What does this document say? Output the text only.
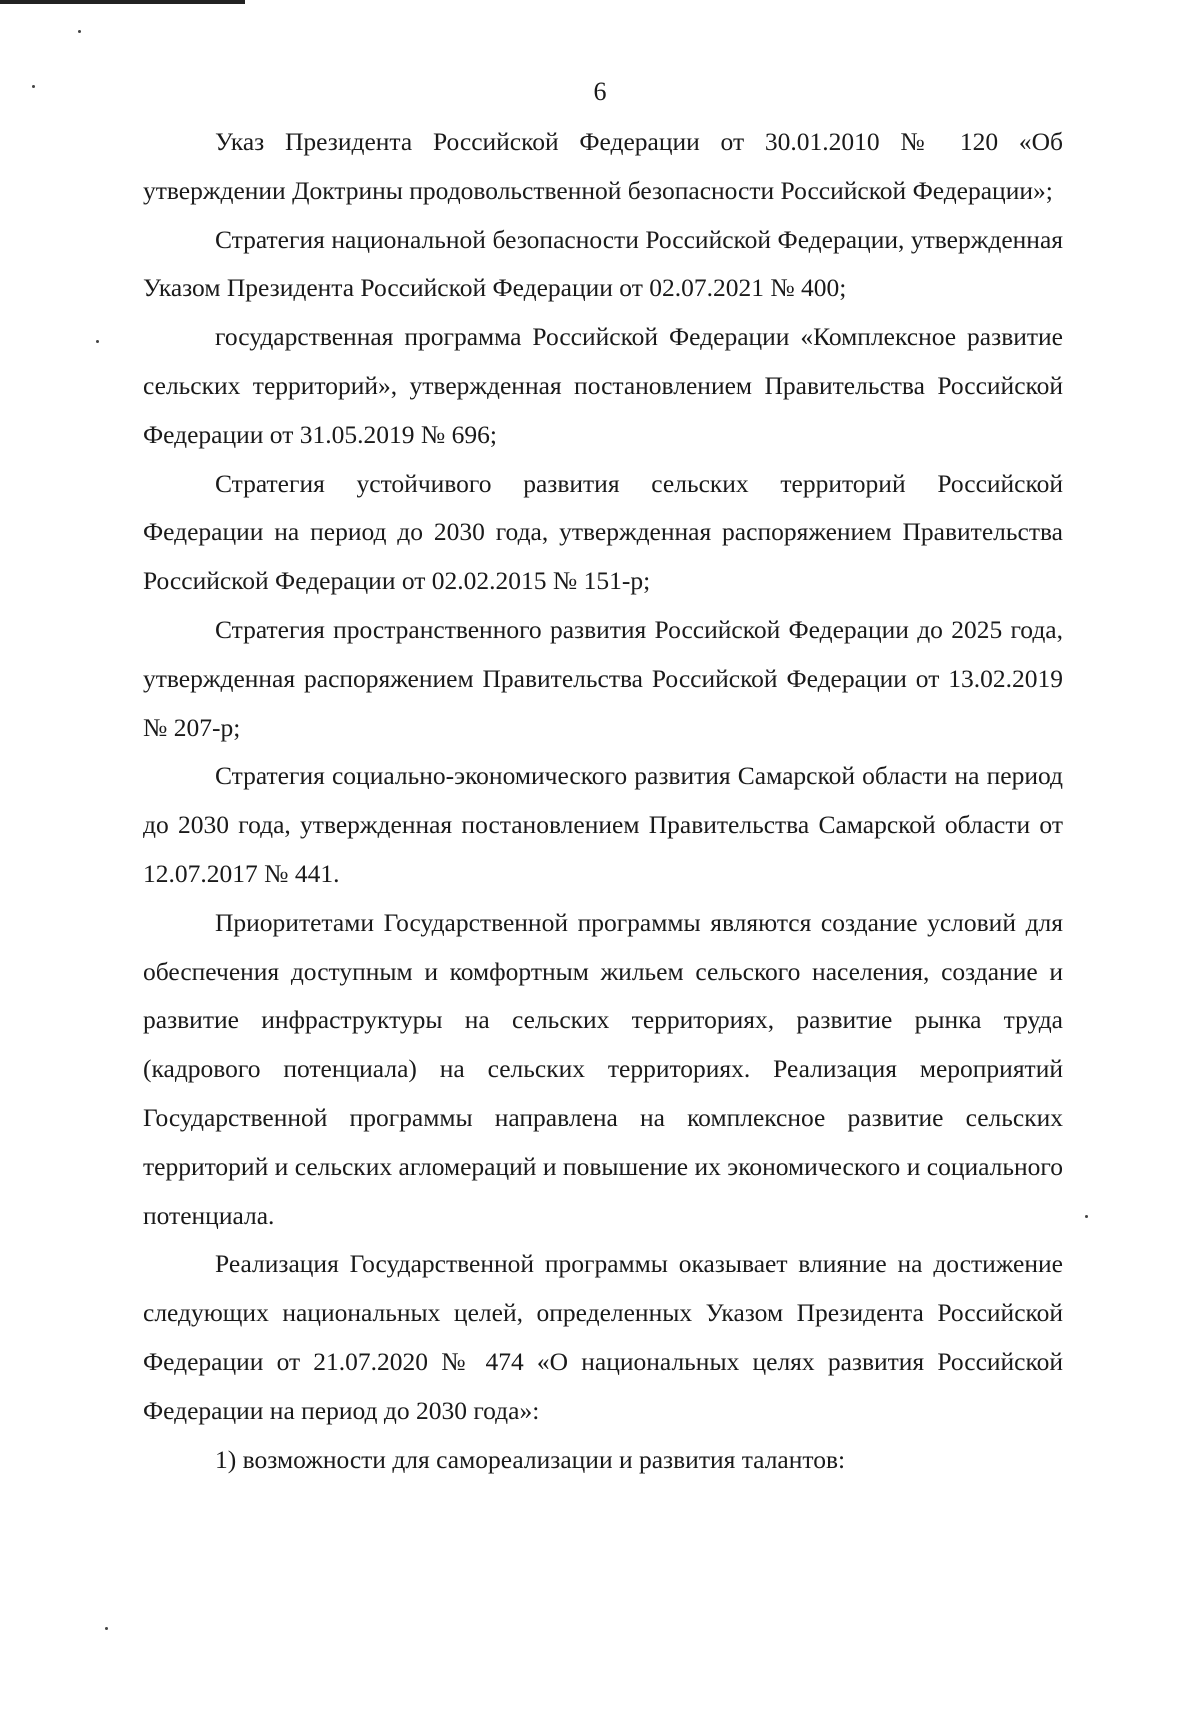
6

Указ Президента Российской Федерации от 30.01.2010 № 120 «Об утверждении Доктрины продовольственной безопасности Российской Федерации»;

Стратегия национальной безопасности Российской Федерации, утвержденная Указом Президента Российской Федерации от 02.07.2021 № 400;

государственная программа Российской Федерации «Комплексное развитие сельских территорий», утвержденная постановлением Правительства Российской Федерации от 31.05.2019 № 696;

Стратегия устойчивого развития сельских территорий Российской Федерации на период до 2030 года, утвержденная распоряжением Правительства Российской Федерации от 02.02.2015 № 151-р;

Стратегия пространственного развития Российской Федерации до 2025 года, утвержденная распоряжением Правительства Российской Федерации от 13.02.2019 № 207-р;

Стратегия социально-экономического развития Самарской области на период до 2030 года, утвержденная постановлением Правительства Самарской области от 12.07.2017 № 441.

Приоритетами Государственной программы являются создание условий для обеспечения доступным и комфортным жильем сельского населения, создание и развитие инфраструктуры на сельских территориях, развитие рынка труда (кадрового потенциала) на сельских территориях. Реализация мероприятий Государственной программы направлена на комплексное развитие сельских территорий и сельских агломераций и повышение их экономического и социального потенциала.

Реализация Государственной программы оказывает влияние на достижение следующих национальных целей, определенных Указом Президента Российской Федерации от 21.07.2020 № 474 «О национальных целях развития Российской Федерации на период до 2030 года»:

1) возможности для самореализации и развития талантов:
